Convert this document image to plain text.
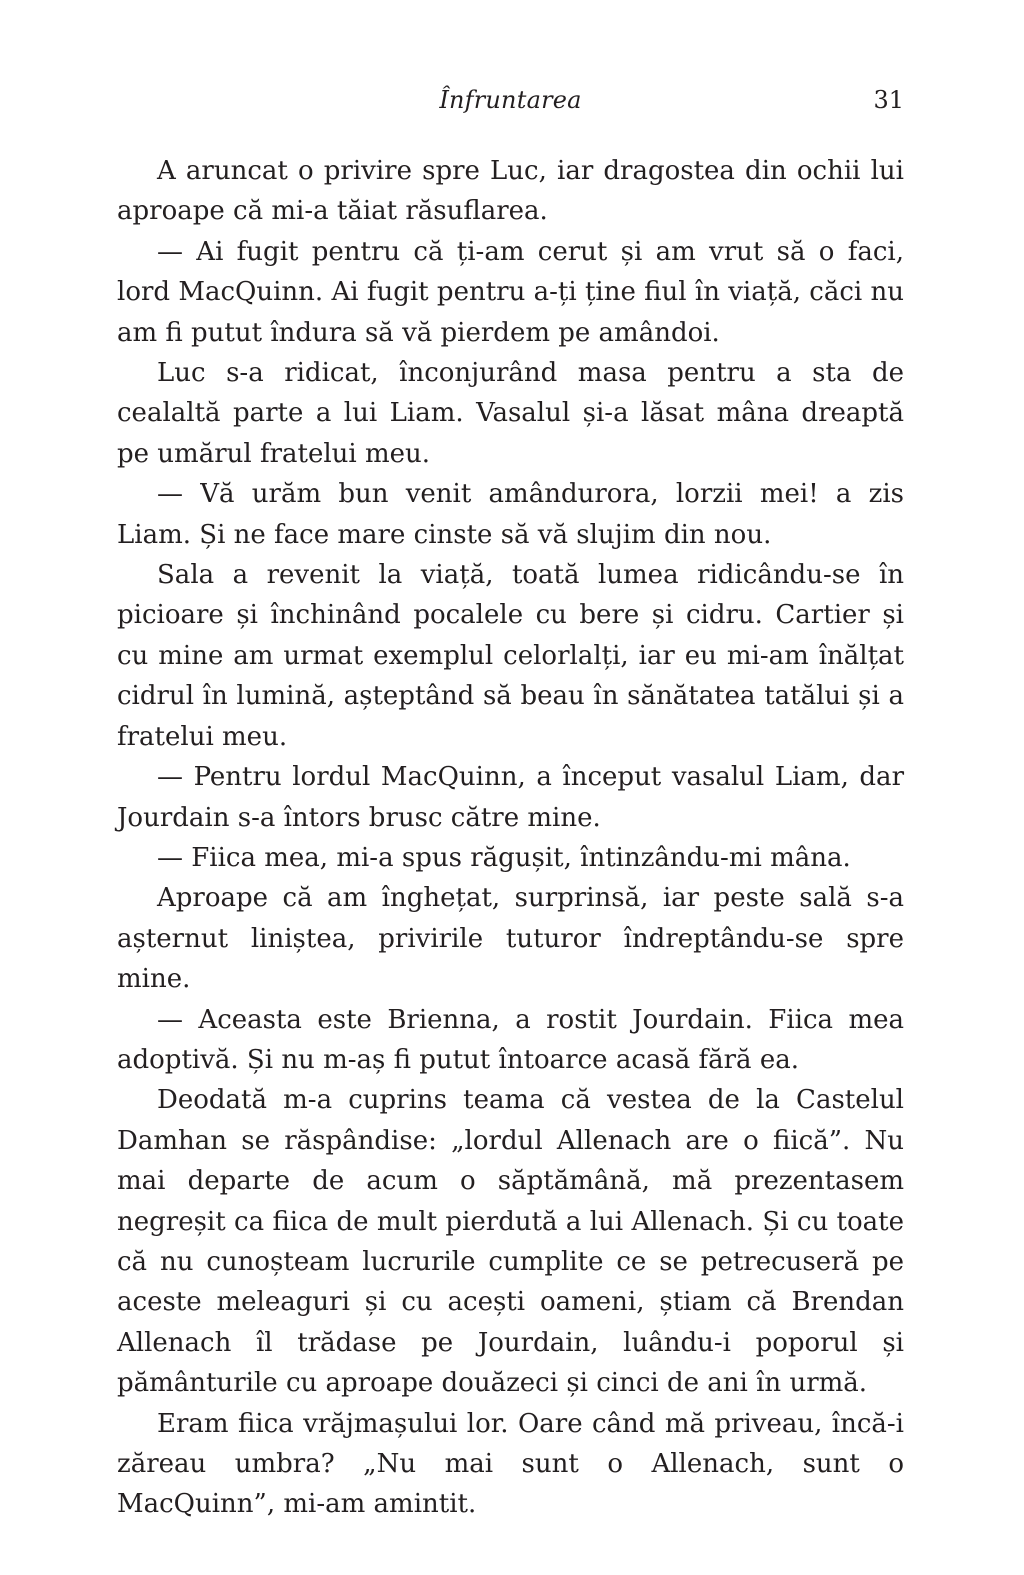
Înfruntarea	31

A aruncat o privire spre Luc, iar dragostea din ochii lui aproape că mi-a tăiat răsuflarea.

— Ai fugit pentru că ți-am cerut și am vrut să o faci, lord MacQuinn. Ai fugit pentru a-ți ține fiul în viață, căci nu am fi putut îndura să vă pierdem pe amândoi.

Luc s-a ridicat, înconjurând masa pentru a sta de cealaltă parte a lui Liam. Vasalul și-a lăsat mâna dreaptă pe umărul fratelui meu.

— Vă urăm bun venit amândurora, lorzii mei! a zis Liam. Și ne face mare cinste să vă slujim din nou.

Sala a revenit la viață, toată lumea ridicându-se în picioare și închinând pocalele cu bere și cidru. Cartier și cu mine am urmat exemplul celorlalți, iar eu mi-am înălțat cidrul în lumină, așteptând să beau în sănătatea tatălui și a fratelui meu.

— Pentru lordul MacQuinn, a început vasalul Liam, dar Jourdain s-a întors brusc către mine.

— Fiica mea, mi-a spus răgușit, întinzându-mi mâna.

Aproape că am înghețat, surprinsă, iar peste sală s-a așternut liniștea, privirile tuturor îndreptându-se spre mine.

— Aceasta este Brienna, a rostit Jourdain. Fiica mea adoptivă. Și nu m-aș fi putut întoarce acasă fără ea.

Deodată m-a cuprins teama că vestea de la Castelul Damhan se răspândise: „lordul Allenach are o fiică”. Nu mai departe de acum o săptămână, mă prezentasem negreșit ca fiica de mult pierdută a lui Allenach. Și cu toate că nu cunoșteam lucrurile cumplite ce se petrecuseră pe aceste meleaguri și cu acești oameni, știam că Brendan Allenach îl trădase pe Jourdain, luându-i poporul și pământurile cu aproape douăzeci și cinci de ani în urmă.

Eram fiica vrăjmașului lor. Oare când mă priveau, încă-i zăreau umbra? „Nu mai sunt o Allenach, sunt o MacQuinn”, mi-am amintit.
